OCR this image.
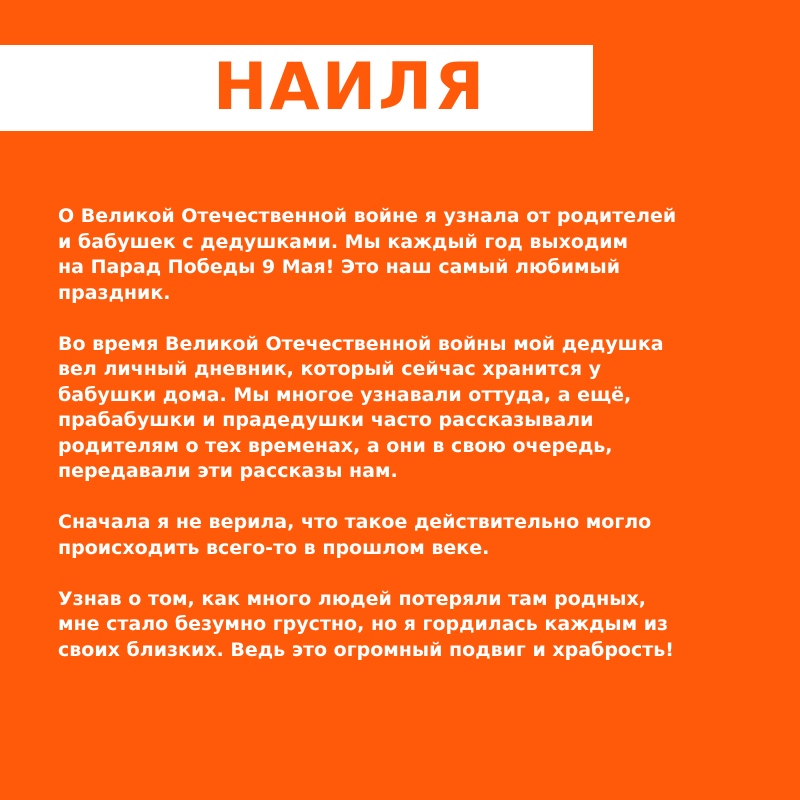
НАИЛЯ

О Великой Отечественной войне я узнала от родителей
и бабушек с дедушками. Мы каждый год выходим
на Парад Победы 9 Мая! Это наш самый любимый
праздник.

Во время Великой Отечественной войны мой дедушка
вел личный дневник, который сейчас хранится у
бабушки дома. Мы многое узнавали оттуда, а ещё,
прабабушки и прадедушки часто рассказывали
родителям о тех временах, а они в свою очередь,
передавали эти рассказы нам.

Сначала я не верила, что такое действительно могло
происходить всего-то в прошлом веке.

Узнав о том, как много людей потеряли там родных,
мне стало безумно грустно, но я гордилась каждым из
своих близких. Ведь это огромный подвиг и храбрость!
